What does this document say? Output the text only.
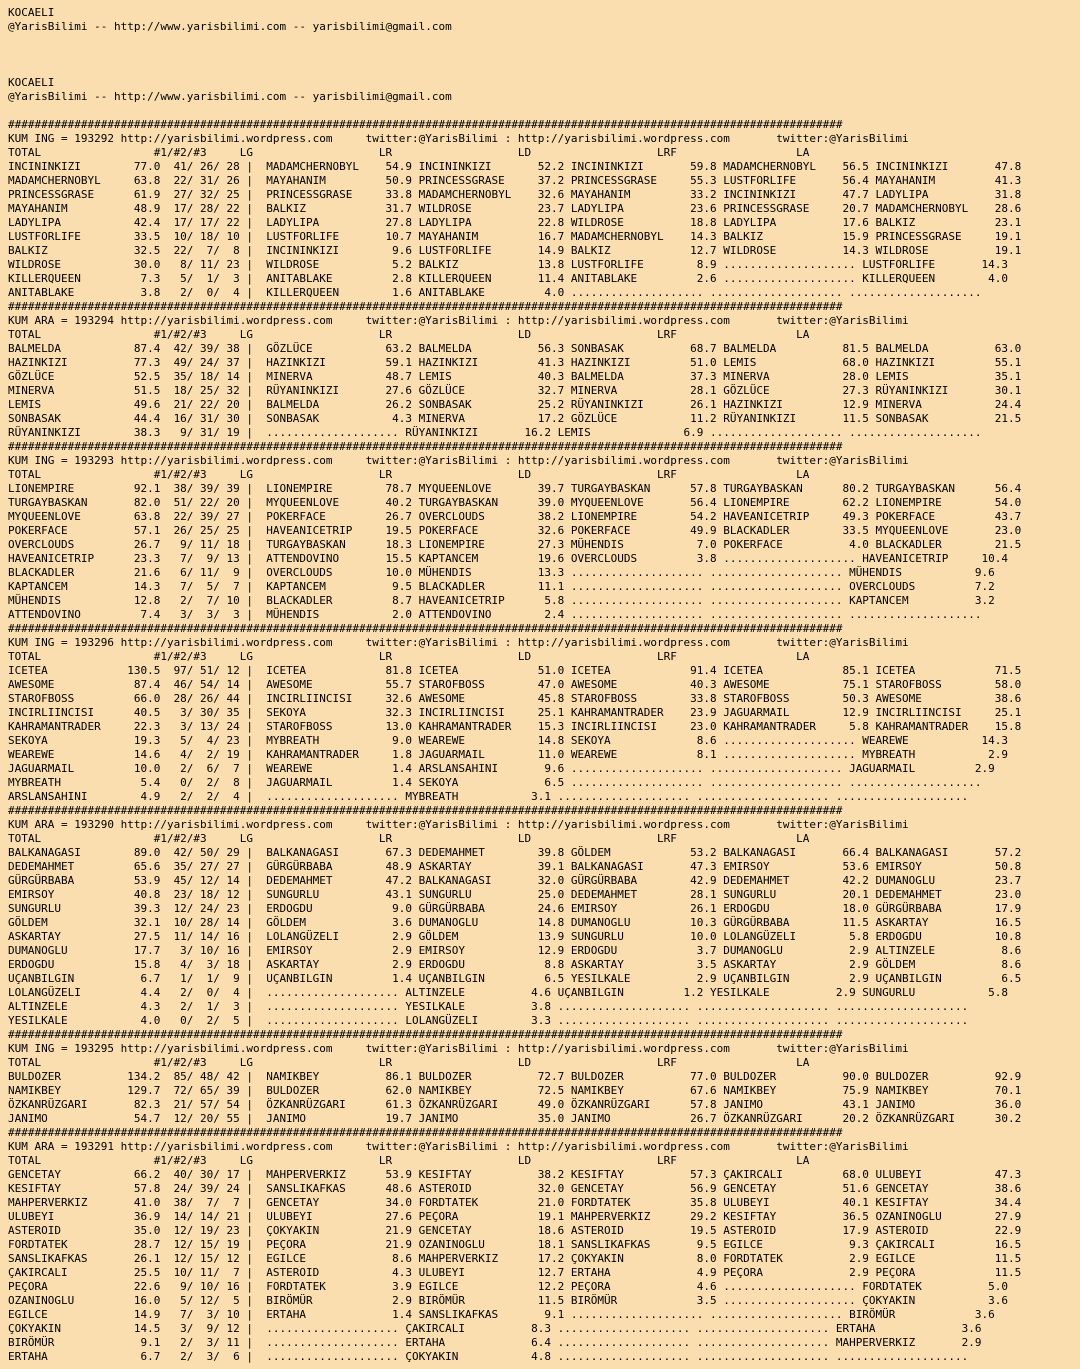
KOCAELI
@YarisBilimi -- http://www.yarisbilimi.com -- yarisbilimi@gmail.com
KOCAELI
@YarisBilimi -- http://www.yarisbilimi.com -- yarisbilimi@gmail.com
##############################################################################################################################
KUM ING = 193292 http://yarisbilimi.wordpress.com     twitter:@YarisBilimi : http://yarisbilimi.wordpress.com       twitter:@YarisBilimi
TOTAL                 #1/#2/#3     LG                   LR                   LD                   LRF                  LA
INCININKIZI        77.0  41/ 26/ 28 |  MADAMCHERNOBYL    54.9 INCININKIZI       52.2 INCININKIZI       59.8 MADAMCHERNOBYL    56.5 INCININKIZI       47.8
MADAMCHERNOBYL     63.8  22/ 31/ 26 |  MAYAHANIM         50.9 PRINCESSGRASE     37.2 PRINCESSGRASE     55.3 LUSTFORLIFE       56.4 MAYAHANIM         41.3
PRINCESSGRASE      61.9  27/ 32/ 25 |  PRINCESSGRASE     33.8 MADAMCHERNOBYL    32.6 MAYAHANIM         33.2 INCININKIZI       47.7 LADYLIPA          31.8
MAYAHANIM          48.9  17/ 28/ 22 |  BALKIZ            31.7 WILDROSE          23.7 LADYLIPA          23.6 PRINCESSGRASE     20.7 MADAMCHERNOBYL    28.6
LADYLIPA           42.4  17/ 17/ 22 |  LADYLIPA          27.8 LADYLIPA          22.8 WILDROSE          18.8 LADYLIPA          17.6 BALKIZ            23.1
LUSTFORLIFE        33.5  10/ 18/ 10 |  LUSTFORLIFE       10.7 MAYAHANIM         16.7 MADAMCHERNOBYL    14.3 BALKIZ            15.9 PRINCESSGRASE     19.1
BALKIZ             32.5  22/  7/  8 |  INCININKIZI        9.6 LUSTFORLIFE       14.9 BALKIZ            12.7 WILDROSE          14.3 WILDROSE          19.1
WILDROSE           30.0   8/ 11/ 23 |  WILDROSE           5.2 BALKIZ            13.8 LUSTFORLIFE        8.9 .................... LUSTFORLIFE       14.3
KILLERQUEEN         7.3   5/  1/  3 |  ANITABLAKE         2.8 KILLERQUEEN       11.4 ANITABLAKE         2.6 .................... KILLERQUEEN        4.0
ANITABLAKE          3.8   2/  0/  4 |  KILLERQUEEN        1.6 ANITABLAKE         4.0 .................... .................... ....................
##############################################################################################################################
KUM ARA = 193294 http://yarisbilimi.wordpress.com     twitter:@YarisBilimi : http://yarisbilimi.wordpress.com       twitter:@YarisBilimi
TOTAL                 #1/#2/#3     LG                   LR                   LD                   LRF                  LA
BALMELDA           87.4  42/ 39/ 38 |  GÖZLÜCE           63.2 BALMELDA          56.3 SONBASAK          68.7 BALMELDA          81.5 BALMELDA          63.0
HAZINKIZI          77.3  49/ 24/ 37 |  HAZINKIZI         59.1 HAZINKIZI         41.3 HAZINKIZI         51.0 LEMIS             68.0 HAZINKIZI         55.1
GÖZLÜCE            52.5  35/ 18/ 14 |  MINERVA           48.7 LEMIS             40.3 BALMELDA          37.3 MINERVA           28.0 LEMIS             35.1
MINERVA            51.5  18/ 25/ 32 |  RÜYANINKIZI       27.6 GÖZLÜCE           32.7 MINERVA           28.1 GÖZLÜCE           27.3 RÜYANINKIZI       30.1
LEMIS              49.6  21/ 22/ 20 |  BALMELDA          26.2 SONBASAK          25.2 RÜYANINKIZI       26.1 HAZINKIZI         12.9 MINERVA           24.4
SONBASAK           44.4  16/ 31/ 30 |  SONBASAK           4.3 MINERVA           17.2 GÖZLÜCE           11.2 RÜYANINKIZI       11.5 SONBASAK          21.5
RÜYANINKIZI        38.3   9/ 31/ 19 |  .................... RÜYANINKIZI       16.2 LEMIS              6.9 .................... ....................
##############################################################################################################################
KUM ING = 193293 http://yarisbilimi.wordpress.com     twitter:@YarisBilimi : http://yarisbilimi.wordpress.com       twitter:@YarisBilimi
TOTAL                 #1/#2/#3     LG                   LR                   LD                   LRF                  LA
LIONEMPIRE         92.1  38/ 39/ 39 |  LIONEMPIRE        78.7 MYQUEENLOVE       39.7 TURGAYBASKAN      57.8 TURGAYBASKAN      80.2 TURGAYBASKAN      56.4
TURGAYBASKAN       82.0  51/ 22/ 20 |  MYQUEENLOVE       40.2 TURGAYBASKAN      39.0 MYQUEENLOVE       56.4 LIONEMPIRE        62.2 LIONEMPIRE        54.0
MYQUEENLOVE        63.8  22/ 39/ 27 |  POKERFACE         26.7 OVERCLOUDS        38.2 LIONEMPIRE        54.2 HAVEANICETRIP     49.3 POKERFACE         43.7
POKERFACE          57.1  26/ 25/ 25 |  HAVEANICETRIP     19.5 POKERFACE         32.6 POKERFACE         49.9 BLACKADLER        33.5 MYQUEENLOVE       23.0
OVERCLOUDS         26.7   9/ 11/ 18 |  TURGAYBASKAN      18.3 LIONEMPIRE        27.3 MÜHENDIS           7.0 POKERFACE          4.0 BLACKADLER        21.5
HAVEANICETRIP      23.3   7/  9/ 13 |  ATTENDOVINO       15.5 KAPTANCEM         19.6 OVERCLOUDS         3.8 .................... HAVEANICETRIP     10.4
BLACKADLER         21.6   6/ 11/  9 |  OVERCLOUDS        10.0 MÜHENDIS          13.3 .................... .................... MÜHENDIS           9.6
KAPTANCEM          14.3   7/  5/  7 |  KAPTANCEM          9.5 BLACKADLER        11.1 .................... .................... OVERCLOUDS         7.2
MÜHENDIS           12.8   2/  7/ 10 |  BLACKADLER         8.7 HAVEANICETRIP      5.8 .................... .................... KAPTANCEM          3.2
ATTENDOVINO         7.4   3/  3/  3 |  MÜHENDIS           2.0 ATTENDOVINO        2.4 .................... .................... ....................
##############################################################################################################################
KUM ING = 193296 http://yarisbilimi.wordpress.com     twitter:@YarisBilimi : http://yarisbilimi.wordpress.com       twitter:@YarisBilimi
TOTAL                 #1/#2/#3     LG                   LR                   LD                   LRF                  LA
ICETEA            130.5  97/ 51/ 12 |  ICETEA            81.8 ICETEA            51.0 ICETEA            91.4 ICETEA            85.1 ICETEA            71.5
AWESOME            87.4  46/ 54/ 14 |  AWESOME           55.7 STAROFBOSS        47.0 AWESOME           40.3 AWESOME           75.1 STAROFBOSS        58.0
STAROFBOSS         66.0  28/ 26/ 44 |  INCIRLIINCISI     32.6 AWESOME           45.8 STAROFBOSS        33.8 STAROFBOSS        50.3 AWESOME           38.6
INCIRLIINCISI      40.5   3/ 30/ 35 |  SEKOYA            32.3 INCIRLIINCISI     25.1 KAHRAMANTRADER    23.9 JAGUARMAIL        12.9 INCIRLIINCISI     25.1
KAHRAMANTRADER     22.3   3/ 13/ 24 |  STAROFBOSS        13.0 KAHRAMANTRADER    15.3 INCIRLIINCISI     23.0 KAHRAMANTRADER     5.8 KAHRAMANTRADER    15.8
SEKOYA             19.3   5/  4/ 23 |  MYBREATH           9.0 WEAREWE           14.8 SEKOYA             8.6 .................... WEAREWE           14.3
WEAREWE            14.6   4/  2/ 19 |  KAHRAMANTRADER     1.8 JAGUARMAIL        11.0 WEAREWE            8.1 .................... MYBREATH           2.9
JAGUARMAIL         10.0   2/  6/  7 |  WEAREWE            1.4 ARSLANSAHINI       9.6 .................... .................... JAGUARMAIL         2.9
MYBREATH            5.4   0/  2/  8 |  JAGUARMAIL         1.4 SEKOYA             6.5 .................... .................... ....................
ARSLANSAHINI        4.9   2/  2/  4 |  .................... MYBREATH           3.1 .................... .................... ....................
##############################################################################################################################
KUM ARA = 193290 http://yarisbilimi.wordpress.com     twitter:@YarisBilimi : http://yarisbilimi.wordpress.com       twitter:@YarisBilimi
TOTAL                 #1/#2/#3     LG                   LR                   LD                   LRF                  LA
BALKANAGASI        89.0  42/ 50/ 29 |  BALKANAGASI       67.3 DEDEMAHMET        39.8 GÖLDEM            53.2 BALKANAGASI       66.4 BALKANAGASI       57.2
DEDEMAHMET         65.6  35/ 27/ 27 |  GÜRGÜRBABA        48.9 ASKARTAY          39.1 BALKANAGASI       47.3 EMIRSOY           53.6 EMIRSOY           50.8
GÜRGÜRBABA         53.9  45/ 12/ 14 |  DEDEMAHMET        47.2 BALKANAGASI       32.0 GÜRGÜRBABA        42.9 DEDEMAHMET        42.2 DUMANOGLU         23.7
EMIRSOY            40.8  23/ 18/ 12 |  SUNGURLU          43.1 SUNGURLU          25.0 DEDEMAHMET        28.1 SUNGURLU          20.1 DEDEMAHMET        23.0
SUNGURLU           39.3  12/ 24/ 23 |  ERDOGDU            9.0 GÜRGÜRBABA        24.6 EMIRSOY           26.1 ERDOGDU           18.0 GÜRGÜRBABA        17.9
GÖLDEM             32.1  10/ 28/ 14 |  GÖLDEM             3.6 DUMANOGLU         14.8 DUMANOGLU         10.3 GÜRGÜRBABA        11.5 ASKARTAY          16.5
ASKARTAY           27.5  11/ 14/ 16 |  LOLANGÜZELI        2.9 GÖLDEM            13.9 SUNGURLU          10.0 LOLANGÜZELI        5.8 ERDOGDU           10.8
DUMANOGLU          17.7   3/ 10/ 16 |  EMIRSOY            2.9 EMIRSOY           12.9 ERDOGDU            3.7 DUMANOGLU          2.9 ALTINZELE          8.6
ERDOGDU            15.8   4/  3/ 18 |  ASKARTAY           2.9 ERDOGDU            8.8 ASKARTAY           3.5 ASKARTAY           2.9 GÖLDEM             8.6
UÇANBILGIN          6.7   1/  1/  9 |  UÇANBILGIN         1.4 UÇANBILGIN         6.5 YESILKALE          2.9 UÇANBILGIN         2.9 UÇANBILGIN         6.5
LOLANGÜZELI         4.4   2/  0/  4 |  .................... ALTINZELE          4.6 UÇANBILGIN         1.2 YESILKALE          2.9 SUNGURLU           5.8
ALTINZELE           4.3   2/  1/  3 |  .................... YESILKALE          3.8 .................... .................... ....................
YESILKALE           4.0   0/  2/  5 |  .................... LOLANGÜZELI        3.3 .................... .................... ....................
##############################################################################################################################
KUM ING = 193295 http://yarisbilimi.wordpress.com     twitter:@YarisBilimi : http://yarisbilimi.wordpress.com       twitter:@YarisBilimi
TOTAL                 #1/#2/#3     LG                   LR                   LD                   LRF                  LA
BULDOZER          134.2  85/ 48/ 42 |  NAMIKBEY          86.1 BULDOZER          72.7 BULDOZER          77.0 BULDOZER          90.0 BULDOZER          92.9
NAMIKBEY          129.7  72/ 65/ 39 |  BULDOZER          62.0 NAMIKBEY          72.5 NAMIKBEY          67.6 NAMIKBEY          75.9 NAMIKBEY          70.1
ÖZKANRÜZGARI       82.3  21/ 57/ 54 |  ÖZKANRÜZGARI      61.3 ÖZKANRÜZGARI      49.0 ÖZKANRÜZGARI      57.8 JANIMO            43.1 JANIMO            36.0
JANIMO             54.7  12/ 20/ 55 |  JANIMO            19.7 JANIMO            35.0 JANIMO            26.7 ÖZKANRÜZGARI      20.2 ÖZKANRÜZGARI      30.2
##############################################################################################################################
KUM ARA = 193291 http://yarisbilimi.wordpress.com     twitter:@YarisBilimi : http://yarisbilimi.wordpress.com       twitter:@YarisBilimi
TOTAL                 #1/#2/#3     LG                   LR                   LD                   LRF                  LA
GENCETAY           66.2  40/ 30/ 17 |  MAHPERVERKIZ      53.9 KESIFTAY          38.2 KESIFTAY          57.3 ÇAKIRCALI         68.0 ULUBEYI           47.3
KESIFTAY           57.8  24/ 39/ 24 |  SANSLIKAFKAS      48.6 ASTEROID          32.0 GENCETAY          56.9 GENCETAY          51.6 GENCETAY          38.6
MAHPERVERKIZ       41.0  38/  7/  7 |  GENCETAY          34.0 FORDTATEK         21.0 FORDTATEK         35.8 ULUBEYI           40.1 KESIFTAY          34.4
ULUBEYI            36.9  14/ 14/ 21 |  ULUBEYI           27.6 PEÇORA            19.1 MAHPERVERKIZ      29.2 KESIFTAY          36.5 OZANINOGLU        27.9
ASTEROID           35.0  12/ 19/ 23 |  ÇOKYAKIN          21.9 GENCETAY          18.6 ASTEROID          19.5 ASTEROID          17.9 ASTEROID          22.9
FORDTATEK          28.7  12/ 15/ 19 |  PEÇORA            21.9 OZANINOGLU        18.1 SANSLIKAFKAS       9.5 EGILCE             9.3 ÇAKIRCALI         16.5
SANSLIKAFKAS       26.1  12/ 15/ 12 |  EGILCE             8.6 MAHPERVERKIZ      17.2 ÇOKYAKIN           8.0 FORDTATEK          2.9 EGILCE            11.5
ÇAKIRCALI          25.5  10/ 11/  7 |  ASTEROID           4.3 ULUBEYI           12.7 ERTAHA             4.9 PEÇORA             2.9 PEÇORA            11.5
PEÇORA             22.6   9/ 10/ 16 |  FORDTATEK          3.9 EGILCE            12.2 PEÇORA             4.6 .................... FORDTATEK          5.0
OZANINOGLU         16.0   5/ 12/  5 |  BIRÖMÜR            2.9 BIRÖMÜR           11.5 BIRÖMÜR            3.5 .................... ÇOKYAKIN           3.6
EGILCE             14.9   7/  3/ 10 |  ERTAHA             1.4 SANSLIKAFKAS       9.1 .................... .................... BIRÖMÜR            3.6
ÇOKYAKIN           14.5   3/  9/ 12 |  .................... ÇAKIRCALI          8.3 .................... .................... ERTAHA             3.6
BIRÖMÜR             9.1   2/  3/ 11 |  .................... ERTAHA             6.4 .................... .................... MAHPERVERKIZ       2.9
ERTAHA              6.7   2/  3/  6 |  .................... ÇOKYAKIN           4.8 .................... .................... ....................
